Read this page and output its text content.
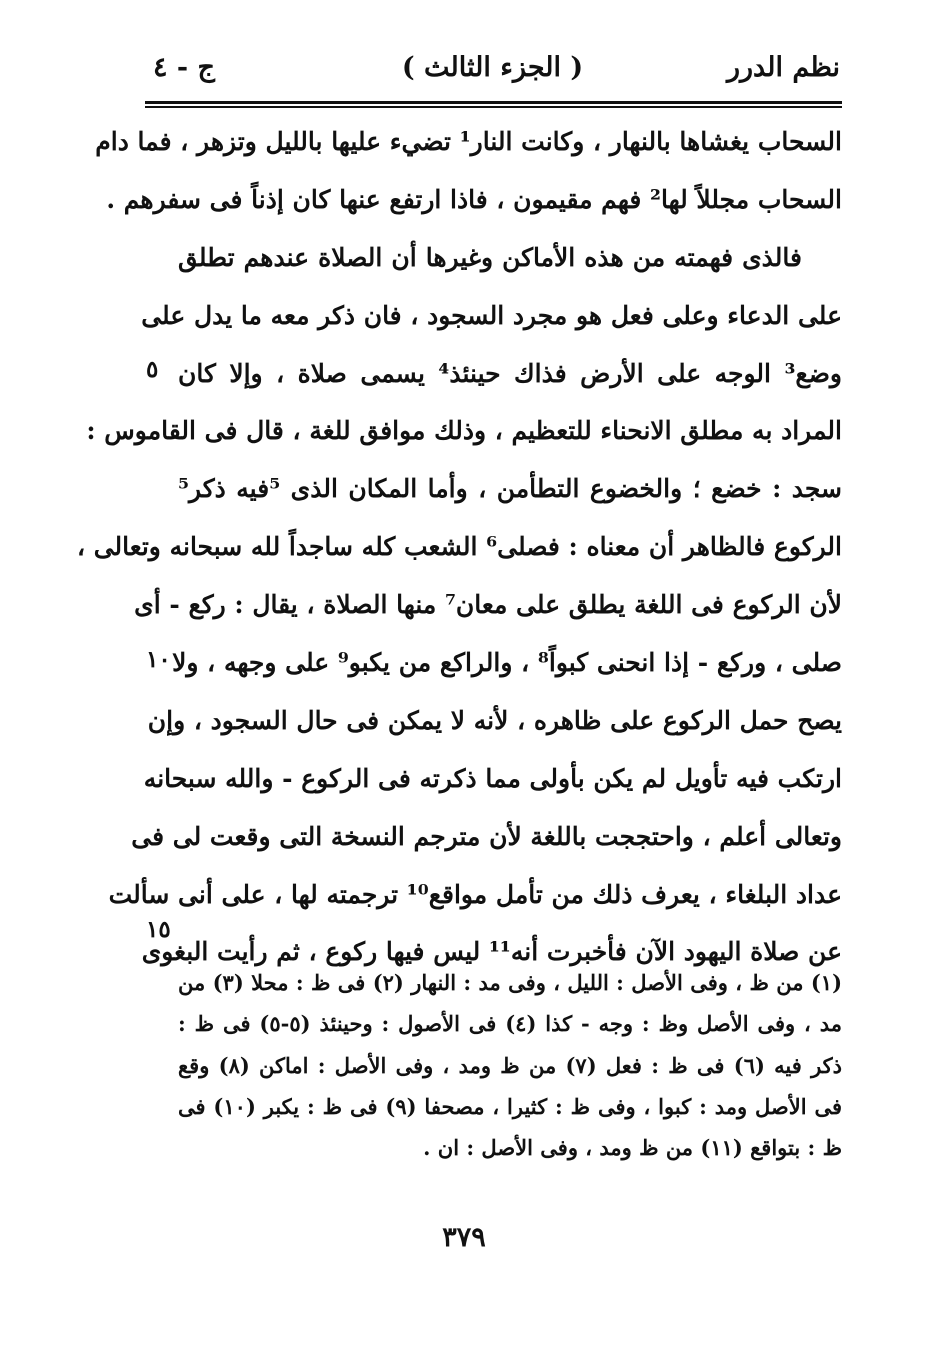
نظم الدرر
( الجزء الثالث )
ج - ٤
السحاب يغشاها بالنهار ، وكانت النار¹ تضيء عليها بالليل وتزهر ، فما دام
السحاب مجللاً لها² فهم مقيمون ، فاذا ارتفع عنها كان إذناً فى سفرهم .
فالذى فهمته من هذه الأماكن وغيرها أن الصلاة عندهم تطلق
على الدعاء وعلى فعل هو مجرد السجود ، فان ذكر معه ما يدل على
وضع³ الوجه على الأرض فذاك حينئذ⁴ يسمى صلاة ، وإلا كان
المراد به مطلق الانحناء للتعظيم ، وذلك موافق للغة ، قال فى القاموس :
سجد : خضع ؛ والخضوع التطأمن ، وأما المكان الذى ⁵فيه ذكر⁵
الركوع فالظاهر أن معناه : فصلى⁶ الشعب كله ساجداً لله سبحانه وتعالى ،
لأن الركوع فى اللغة يطلق على معان⁷ منها الصلاة ، يقال : ركع - أى
صلى ، وركع - إذا انحنى كبواً⁸ ، والراكع من يكبو⁹ على وجهه ، ولا
يصح حمل الركوع على ظاهره ، لأنه لا يمكن فى حال السجود ، وإن
ارتكب فيه تأويل لم يكن بأولى مما ذكرته فى الركوع - والله سبحانه
وتعالى أعلم ، واحتججت باللغة لأن مترجم النسخة التى وقعت لى فى
عداد البلغاء ، يعرف ذلك من تأمل مواقع¹⁰ ترجمته لها ، على أنى سألت
عن صلاة اليهود الآن فأخبرت أنه¹¹ ليس فيها ركوع ، ثم رأيت البغوى
٥
١٠
١٥
(١) من ظ ، وفى الأصل : الليل ، وفى مد : النهار (٢) فى ظ : محلا (٣) من
مد ، وفى الأصل وظ : وجه - كذا (٤) فى الأصول : وحينئذ (٥-٥) فى ظ :
ذكر فيه (٦) فى ظ : فعل (٧) من ظ ومد ، وفى الأصل : اماكن (٨) وقع
فى الأصل ومد : كبوا ، وفى ظ : كثيرا ، مصحفا (٩) فى ظ : يكبر (١٠) فى
ظ : بتواقع (١١) من ظ ومد ، وفى الأصل : ان .
٣٧٩
